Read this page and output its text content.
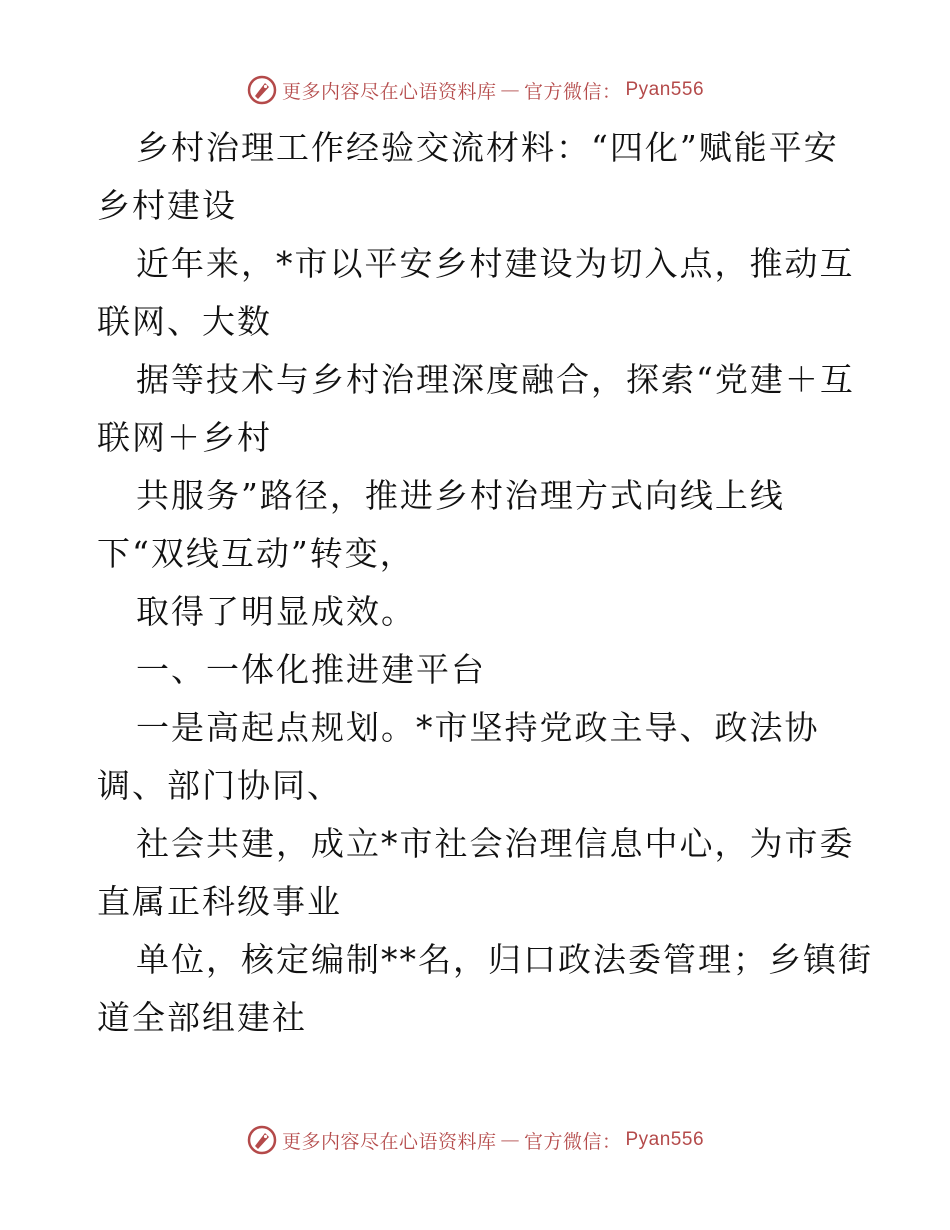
更多内容尽在心语资料库 — 官方微信： Pyan556
乡村治理工作经验交流材料：“四化”赋能平安
乡村建设
近年来，*市以平安乡村建设为切入点，推动互
联网、大数
据等技术与乡村治理深度融合，探索“党建＋互
联网＋乡村
共服务”路径，推进乡村治理方式向线上线
下“双线互动”转变，
取得了明显成效。
一、一体化推进建平台
一是高起点规划。*市坚持党政主导、政法协
调、部门协同、
社会共建，成立*市社会治理信息中心，为市委
直属正科级事业
单位，核定编制**名，归口政法委管理；乡镇街
道全部组建社
更多内容尽在心语资料库 — 官方微信： Pyan556
